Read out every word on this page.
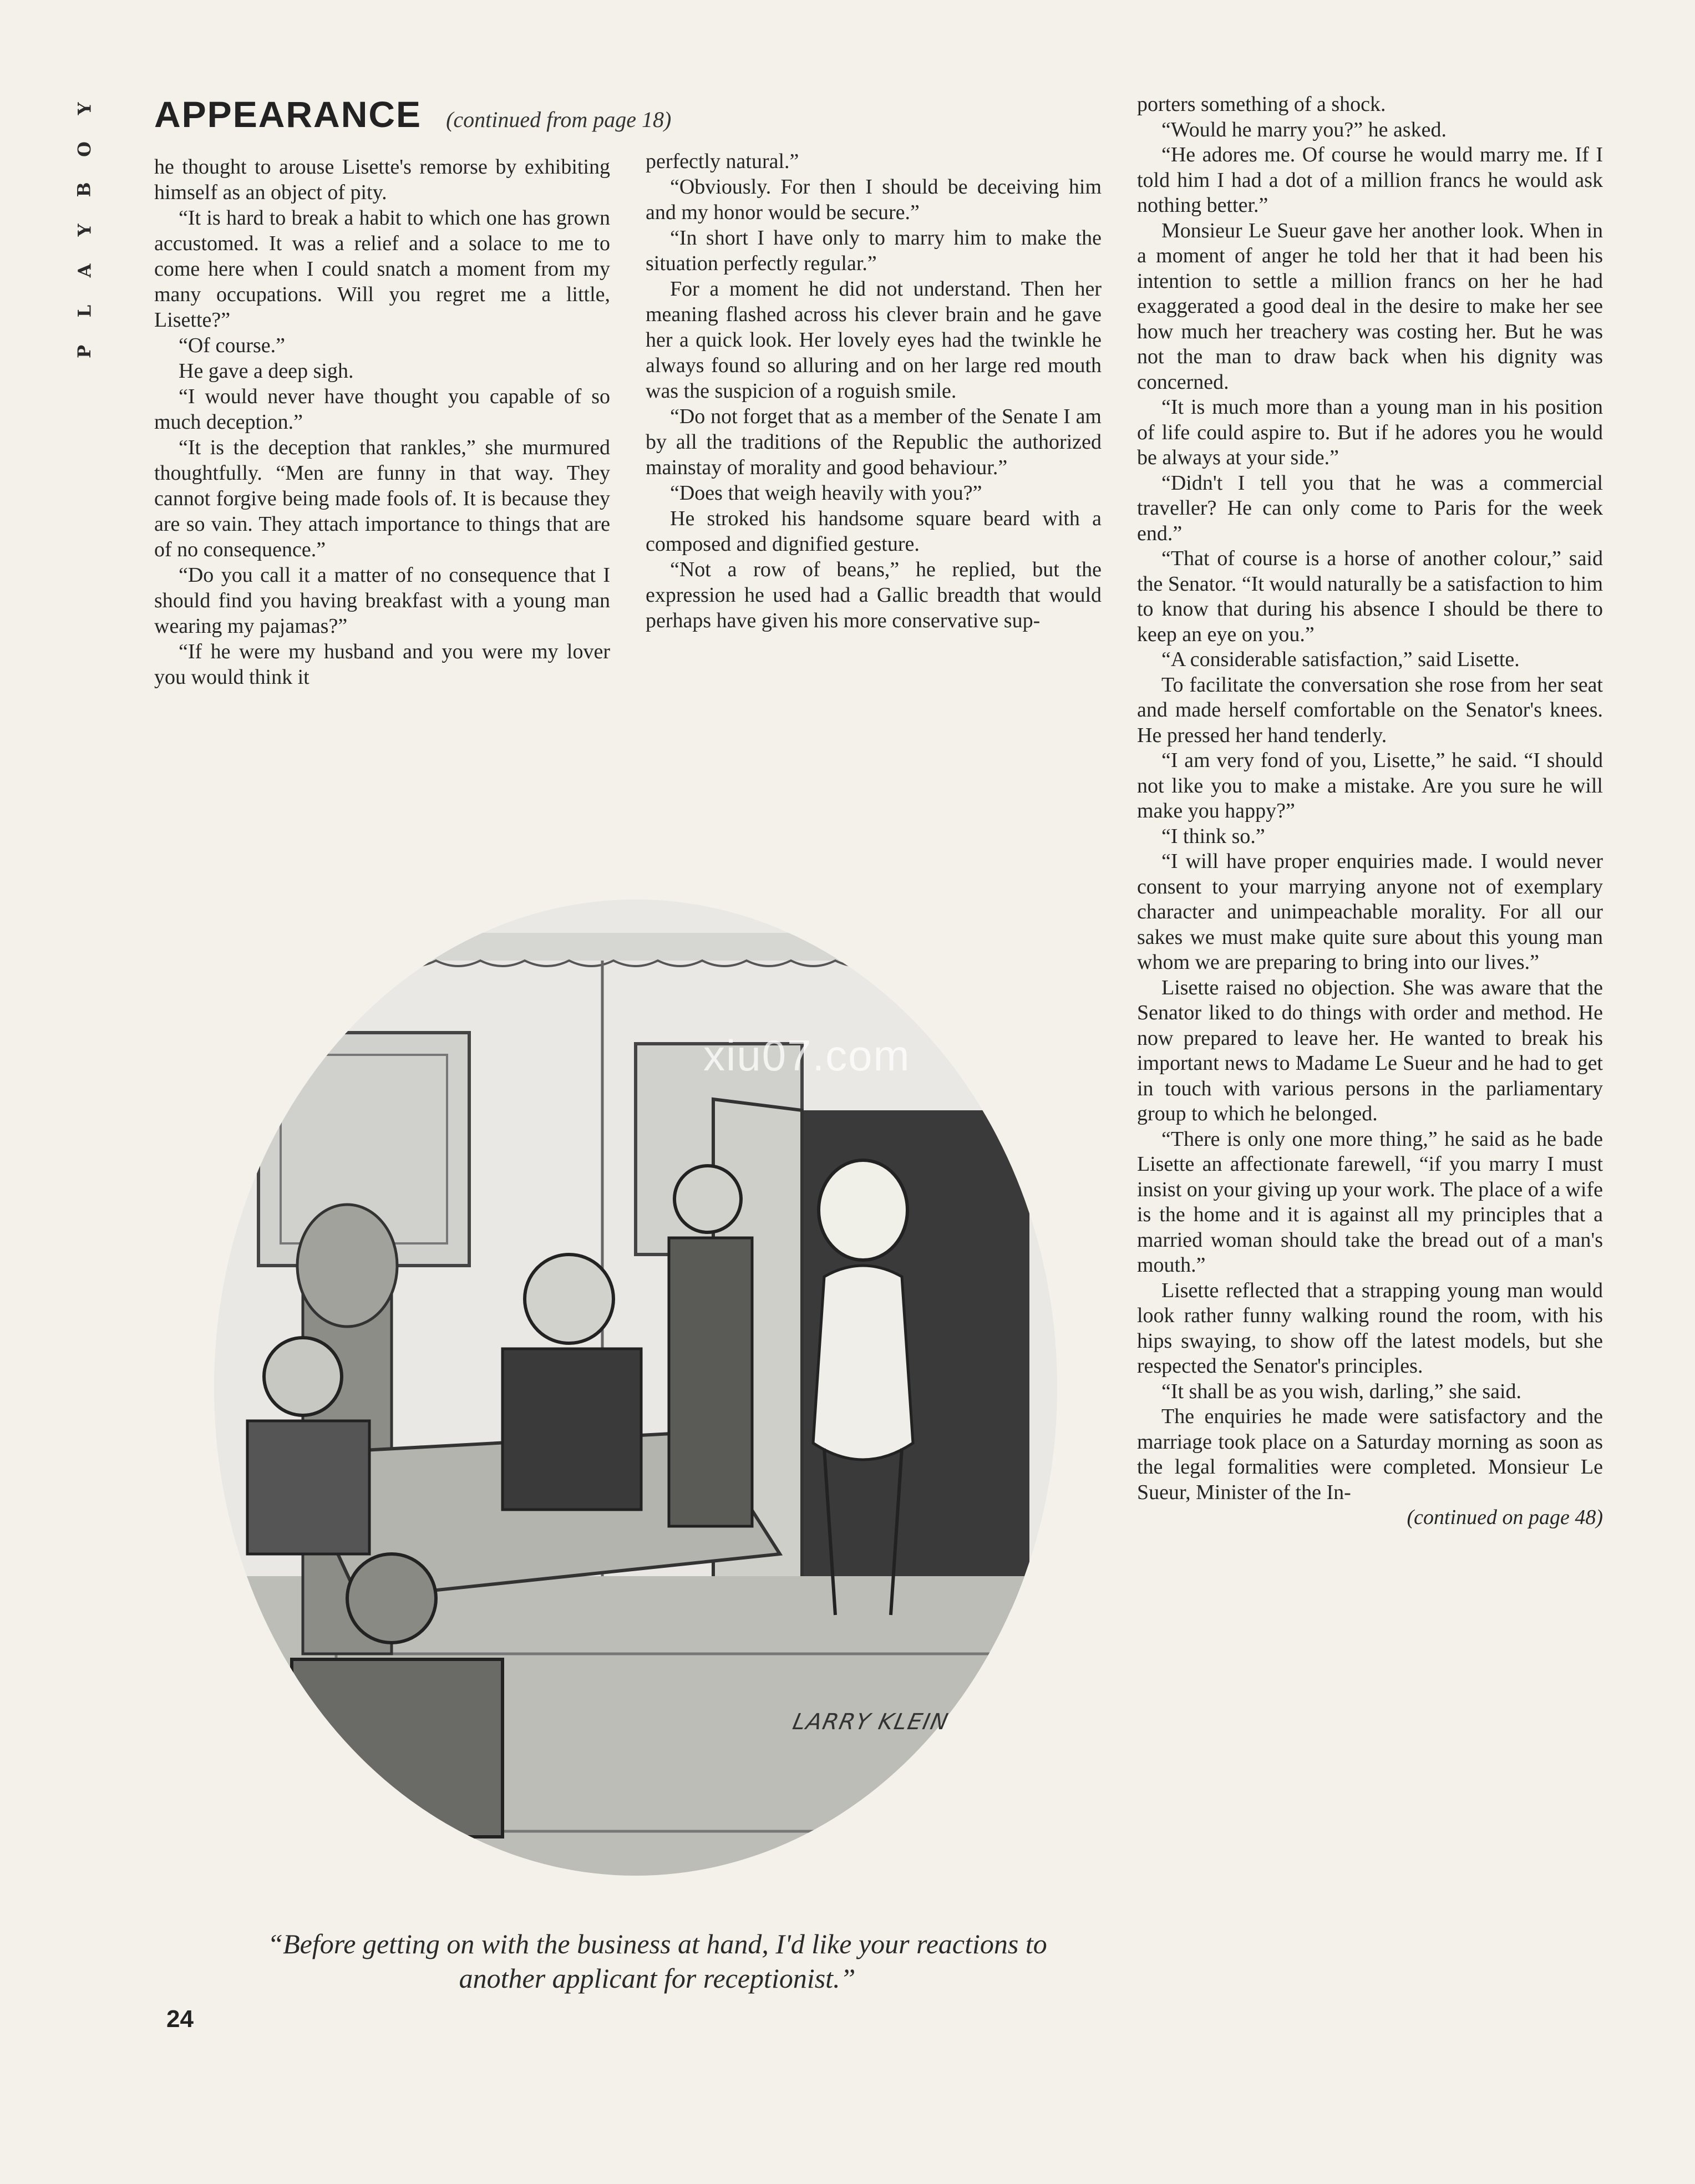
Y
O
B
Y
A
L
P
APPEARANCE (continued from page 18)

he thought to arouse Lisette's remorse by exhibiting himself as an object of pity.

“It is hard to break a habit to which one has grown accustomed. It was a relief and a solace to me to come here when I could snatch a moment from my many occupations. Will you regret me a little, Lisette?”

“Of course.”

He gave a deep sigh.

“I would never have thought you capable of so much deception.”

“It is the deception that rankles,” she murmured thoughtfully. “Men are funny in that way. They cannot forgive being made fools of. It is because they are so vain. They attach importance to things that are of no consequence.”

“Do you call it a matter of no consequence that I should find you having breakfast with a young man wearing my pajamas?”

“If he were my husband and you were my lover you would think it

perfectly natural.”

“Obviously. For then I should be deceiving him and my honor would be secure.”

“In short I have only to marry him to make the situation perfectly regular.”

For a moment he did not understand. Then her meaning flashed across his clever brain and he gave her a quick look. Her lovely eyes had the twinkle he always found so alluring and on her large red mouth was the suspicion of a roguish smile.

“Do not forget that as a member of the Senate I am by all the traditions of the Republic the authorized mainstay of morality and good behaviour.”

“Does that weigh heavily with you?”

He stroked his handsome square beard with a composed and dignified gesture.

“Not a row of beans,” he replied, but the expression he used had a Gallic breadth that would perhaps have given his more conservative sup-

porters something of a shock.

“Would he marry you?” he asked.

“He adores me. Of course he would marry me. If I told him I had a dot of a million francs he would ask nothing better.”

Monsieur Le Sueur gave her another look. When in a moment of anger he told her that it had been his intention to settle a million francs on her he had exaggerated a good deal in the desire to make her see how much her treachery was costing her. But he was not the man to draw back when his dignity was concerned.

“It is much more than a young man in his position of life could aspire to. But if he adores you he would be always at your side.”

“Didn't I tell you that he was a commercial traveller? He can only come to Paris for the week end.”

“That of course is a horse of another colour,” said the Senator. “It would naturally be a satisfaction to him to know that during his absence I should be there to keep an eye on you.”

“A considerable satisfaction,” said Lisette.

To facilitate the conversation she rose from her seat and made herself comfortable on the Senator's knees. He pressed her hand tenderly.

“I am very fond of you, Lisette,” he said. “I should not like you to make a mistake. Are you sure he will make you happy?”

“I think so.”

“I will have proper enquiries made. I would never consent to your marrying anyone not of exemplary character and unimpeachable morality. For all our sakes we must make quite sure about this young man whom we are preparing to bring into our lives.”

Lisette raised no objection. She was aware that the Senator liked to do things with order and method. He now prepared to leave her. He wanted to break his important news to Madame Le Sueur and he had to get in touch with various persons in the parliamentary group to which he belonged.

“There is only one more thing,” he said as he bade Lisette an affectionate farewell, “if you marry I must insist on your giving up your work. The place of a wife is the home and it is against all my principles that a married woman should take the bread out of a man's mouth.”

Lisette reflected that a strapping young man would look rather funny walking round the room, with his hips swaying, to show off the latest models, but she respected the Senator's principles.

“It shall be as you wish, darling,” she said.

The enquiries he made were satisfactory and the marriage took place on a Saturday morning as soon as the legal formalities were completed. Monsieur Le Sueur, Minister of the In-

(continued on page 48)

LARRY KLEIN
“Before getting on with the business at hand, I'd like your reactions to another applicant for receptionist.”
xiu07.com
24
